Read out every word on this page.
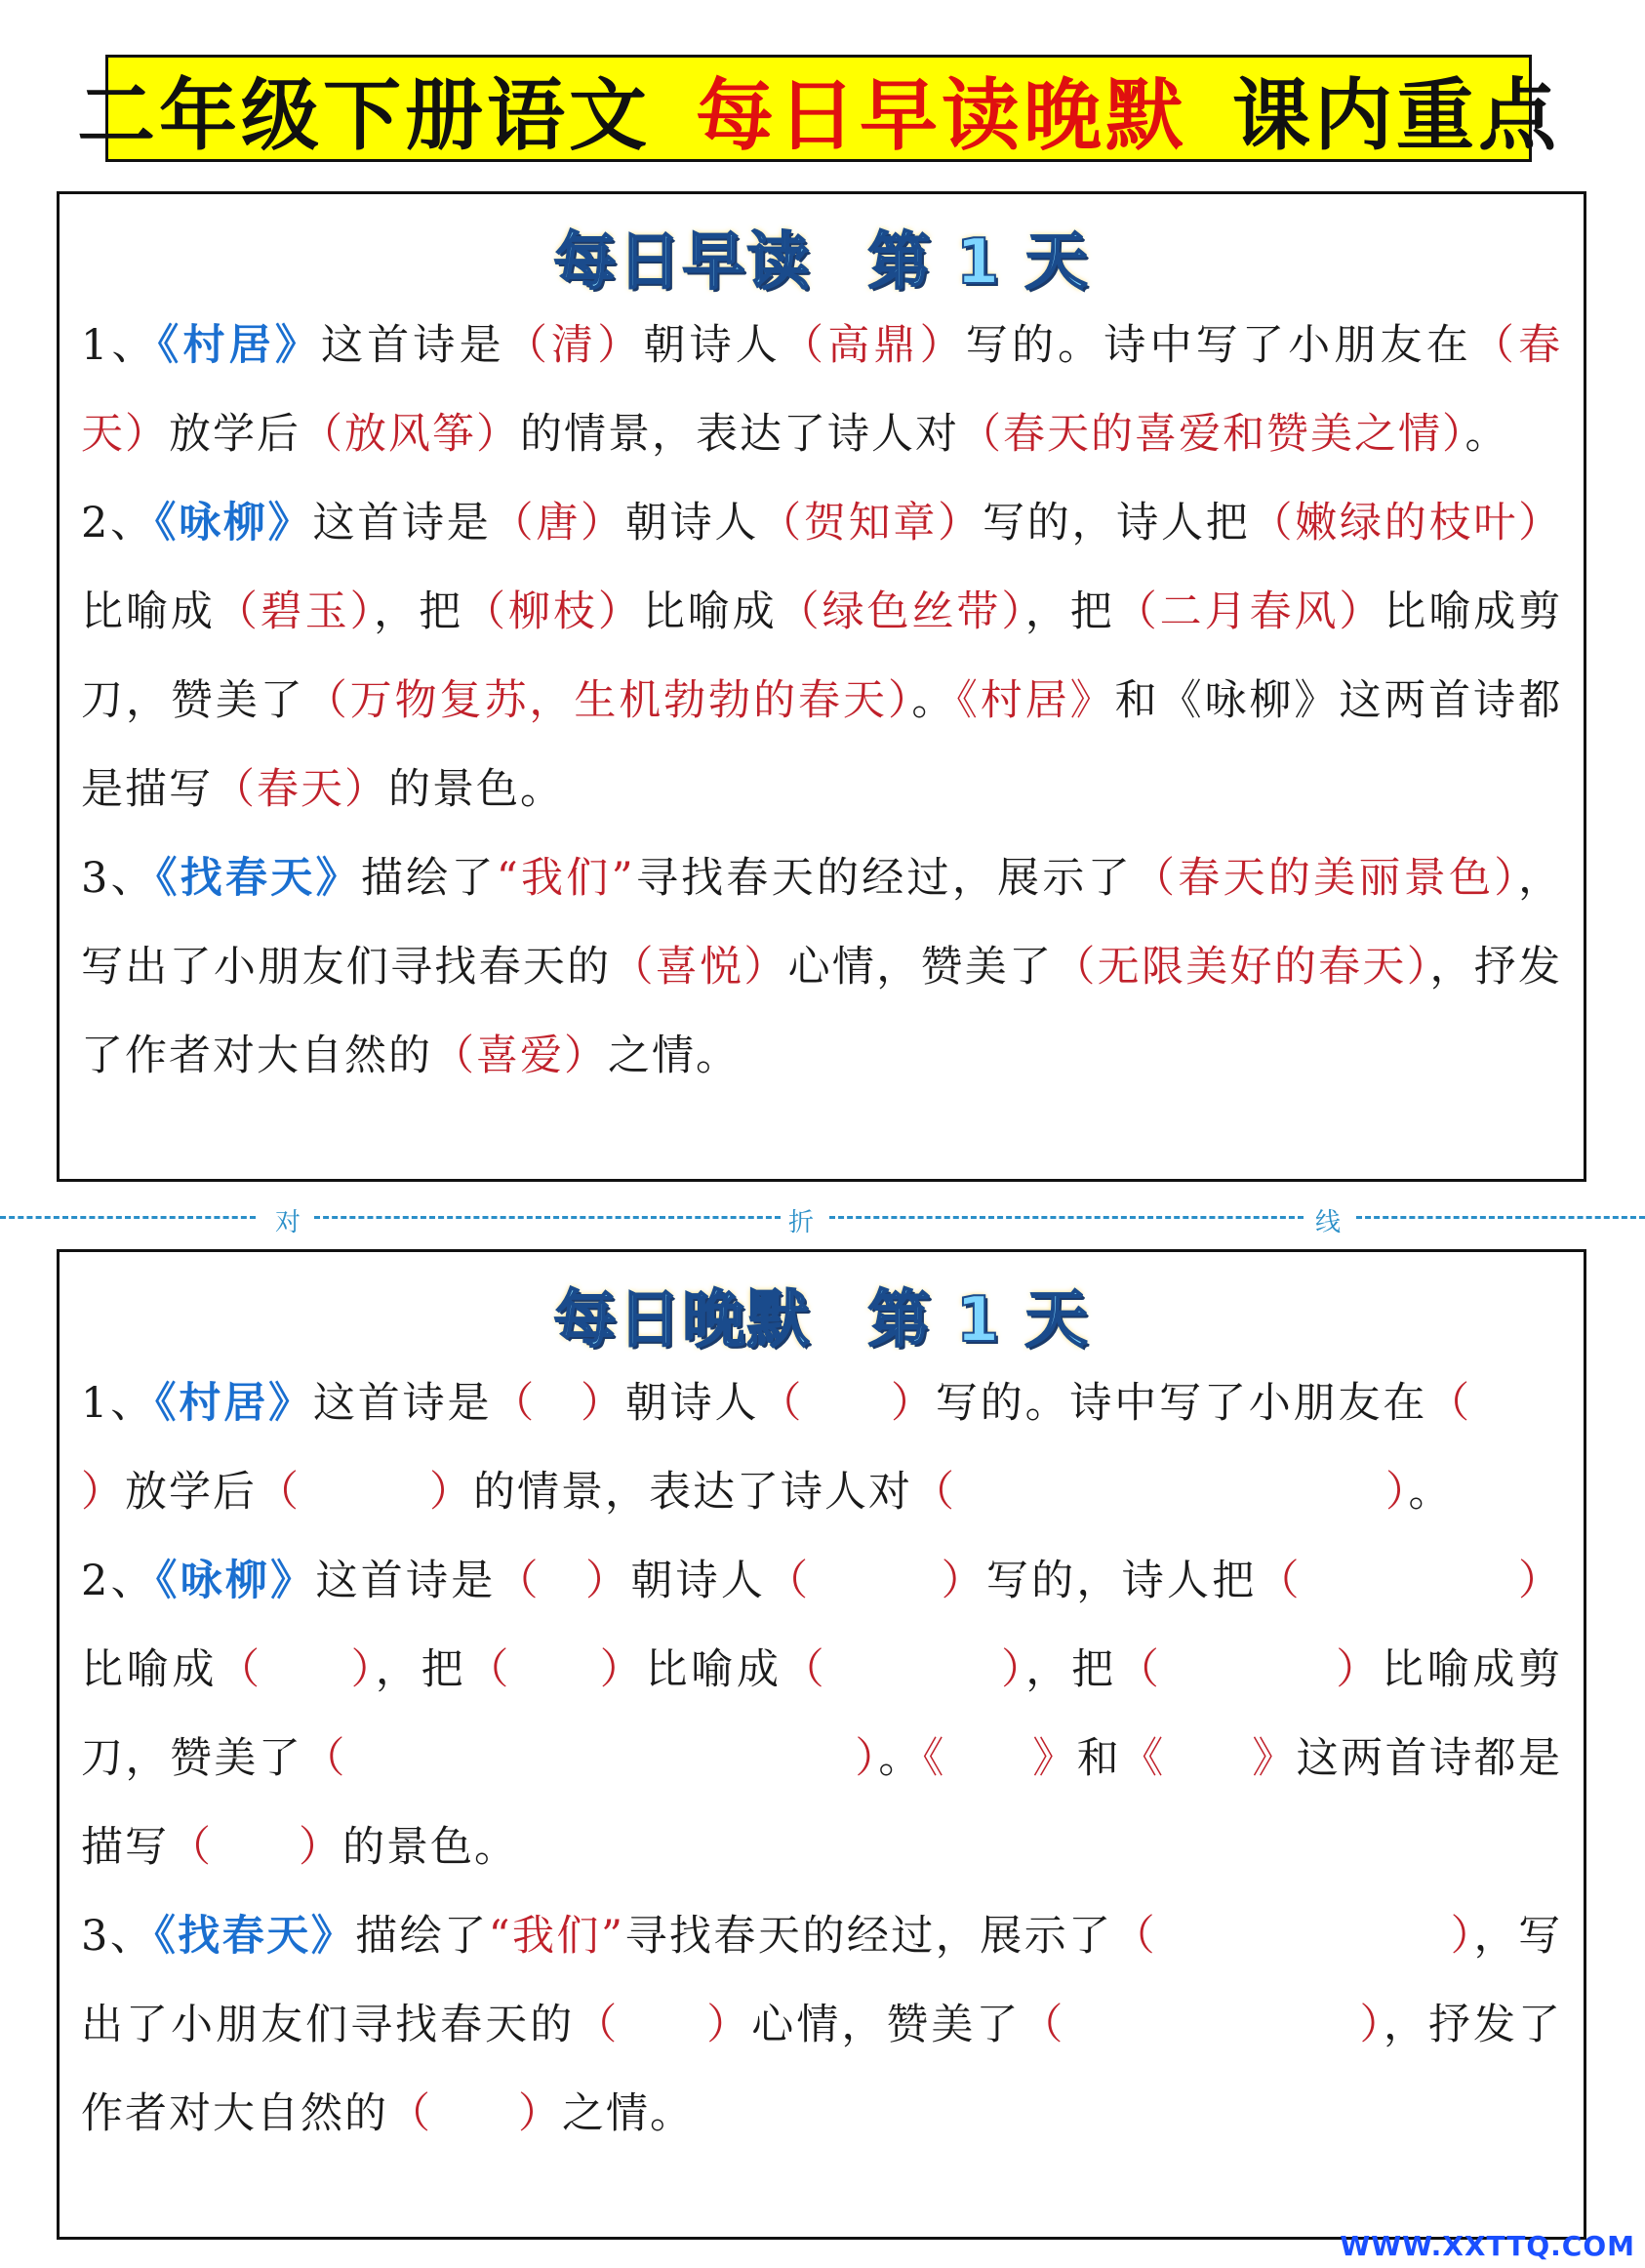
二年级下册语文 每日早读晚默 课内重点
每日早读 第 1 天
1、《村居》这首诗是（清）朝诗人（高鼎）写的。诗中写了小朋友在（春天）放学后（放风筝）的情景，表达了诗人对（春天的喜爱和赞美之情）。
2、《咏柳》这首诗是（唐）朝诗人（贺知章）写的，诗人把（嫩绿的枝叶）比喻成（碧玉），把（柳枝）比喻成（绿色丝带），把（二月春风）比喻成剪刀，赞美了（万物复苏，生机勃勃的春天）。《村居》和《咏柳》这两首诗都是描写（春天）的景色。
3、《找春天》描绘了“我们”寻找春天的经过，展示了（春天的美丽景色），写出了小朋友们寻找春天的（喜悦）心情，赞美了（无限美好的春天），抒发了作者对大自然的（喜爱）之情。
对	折	线
每日晚默 第 1 天
1、《村居》这首诗是（ ）朝诗人（ ）写的。诗中写了小朋友在（）放学后（	）的情景，表达了诗人对（	）。
2、《咏柳》这首诗是（ ）朝诗人（	）写的，诗人把（	）比喻成（ ），把（ ）比喻成（	），把（	）比喻成剪刀，赞美了（	）。《 》和《 》这两首诗都是描写（ ）的景色。
3、《找春天》描绘了“我们”寻找春天的经过，展示了（	），写出了小朋友们寻找春天的（ ）心情，赞美了（	），抒发了作者对大自然的（ ）之情。
WWW.XXTTQ.COM
